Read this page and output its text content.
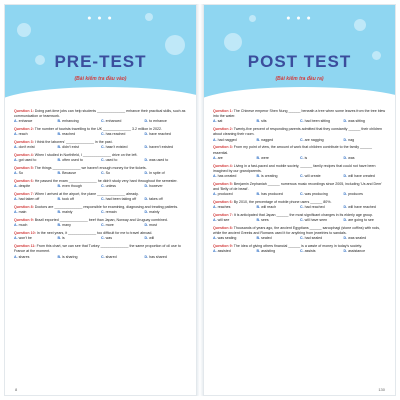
● ● ●
PRE-TEST
(Bài kiểm tra đầu vào)
Question 1: Doing part-time jobs can help students ______________ enhance their practical skills, such as communication or teamwork.
A. enhance	B. enhancing	C. enhanced	D. to enhance
Question 2: The number of tourists travelling to the UK ______________ 3.2 million in 2022.
A. reach	B. reached	C. has reached	D. have reached
Question 3: I think the laborers' ______________ in the past.
A. don't exist	B. didn't exist	C. hasn't existed	D. haven't existed
Question 4: When I studied in Northfield, I ______________ drive on the left.
A. got used to	B. often used to	C. used to	D. was used to
Question 5: The things ______________ we haven't enough money for the tickets.
A. So	B. Because	C. So	D. In spite of
Question 6: He passed the exam ______________ he didn't study very hard throughout the semester.
A. despite	B. even though	C. unless	D. however
Question 7: When I arrived at the airport, the plane ______________ already.
A. had taken off	B. took off	C. had been taking off	D. takes off
Question 8: Doctors are ______________ responsible for examining, diagnosing and treating patients.
A. main	B. mainly	C. remain	D. mainly
Question 9: Brazil exported ______________ beef than Japan, Norway and Uruguay combined.
A. much	B. many	C. more	D. most
Question 10: In the next years, it ______________ too difficult for me to travel abroad.
A. won't be	B. is	C. was	D. will
Question 11: From this chart, we can see that Turkey ______________ the same proportion of oil use to France at the moment.
A. shares	B. is sharing	C. shared	D. has shared
8
● ● ●
POST TEST
(Bài kiểm tra đầu ra)
Question 1: The Chinese emperor Shen Nung ______ beneath a tree when some leaves from the tree blew into the water.
A. sat	B. sits	C. had been sitting	D. was sitting
Question 2: Twenty-five percent of responding parents admitted that they constantly ______ their children about cleaning their room.
A. had nagged	B. nagged	C. are nagging	D. nag
Question 3: From my point of view, the amount of work that children contribute to the family ______ essential.
A. are	B. were	C. is	D. was
Question 4: Living in a fast-paced and mobile society, ______ family recipes that could not have been imagined by our grandparents.
A. has created	B. is creating	C. will create	D. will have created
Question 5: Benjamin Zephaniah ______ numerous music recordings since 2005, including 'Us and Dem' and 'Belly of de beast'.
A. produced	B. has produced	C. was producing	D. produces
Question 6: By 2010, the percentage of mobile phone users ______ 80%.
A. reaches	B. will reach	C. had reached	D. will have reached
Question 7: It is anticipated that Japan ______ the most significant changes in its elderly age group.
A. will see	B. sees	C. will have seen	D. are going to see
Question 8: Thousands of years ago, the ancient Egyptians ______ sarcophagi (stone coffins) with rods, while the ancient Greeks and Romans used it for anything from jewelries to sandals.
A. was sealing	B. sealed	C. had sealed	D. was sealed
Question 9: The idea of giving others financial ______ is a waste of money in today's society.
A. assisted	B. assisting	C. assists	D. assistance
130
